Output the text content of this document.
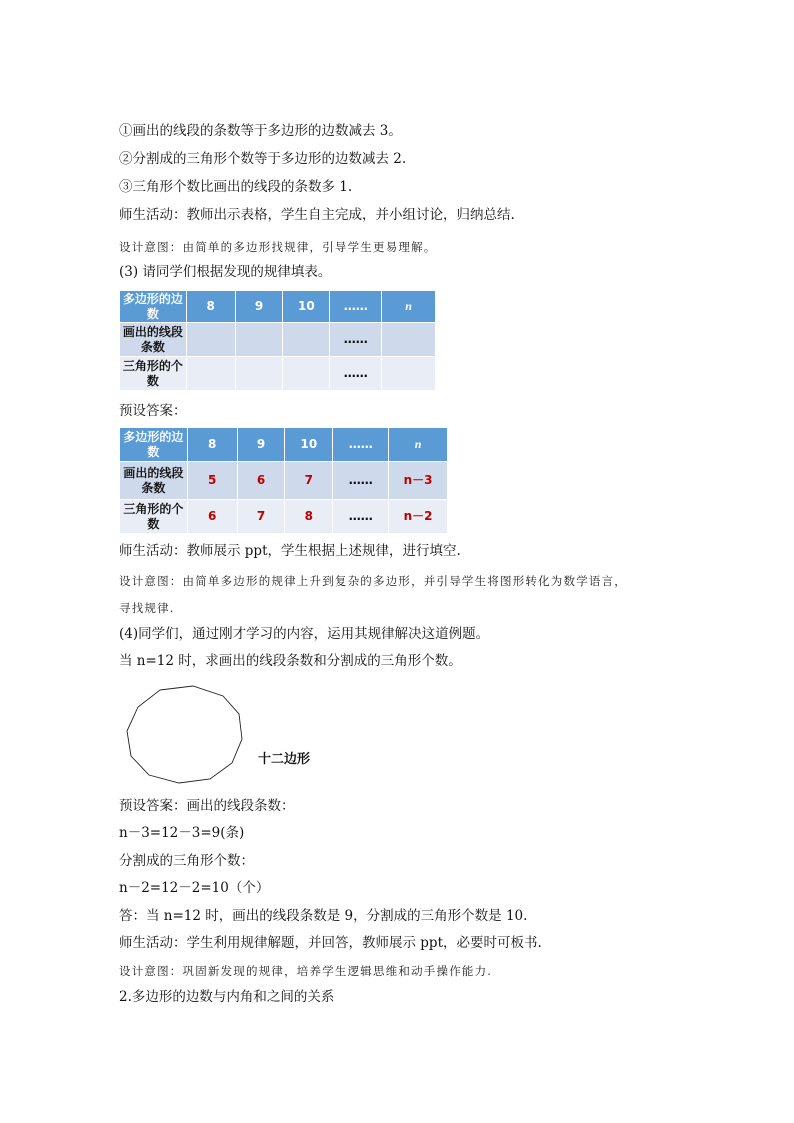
①画出的线段的条数等于多边形的边数减去 3。
②分割成的三角形个数等于多边形的边数减去 2.
③三角形个数比画出的线段的条数多 1.
师生活动：教师出示表格，学生自主完成，并小组讨论，归纳总结.
设计意图：由简单的多边形找规律，引导学生更易理解。
(3) 请同学们根据发现的规律填表。
多边形的边数	8	9	10	……	n
画出的线段条数				……	
三角形的个数				……	
预设答案：
多边形的边数	8	9	10	……	n
画出的线段条数	5	6	7	……	n－3
三角形的个数	6	7	8	……	n－2
师生活动：教师展示 ppt，学生根据上述规律，进行填空.
设计意图：由简单多边形的规律上升到复杂的多边形，并引导学生将图形转化为数学语言，
寻找规律.
(4)同学们，通过刚才学习的内容，运用其规律解决这道例题。
当 n=12 时，求画出的线段条数和分割成的三角形个数。
十二边形
预设答案：画出的线段条数：
n－3=12－3=9(条)
分割成的三角形个数：
n－2=12－2=10（个）
答：当 n=12 时，画出的线段条数是 9，分割成的三角形个数是 10.
师生活动：学生利用规律解题，并回答，教师展示 ppt，必要时可板书.
设计意图：巩固新发现的规律，培养学生逻辑思维和动手操作能力.
2.多边形的边数与内角和之间的关系
